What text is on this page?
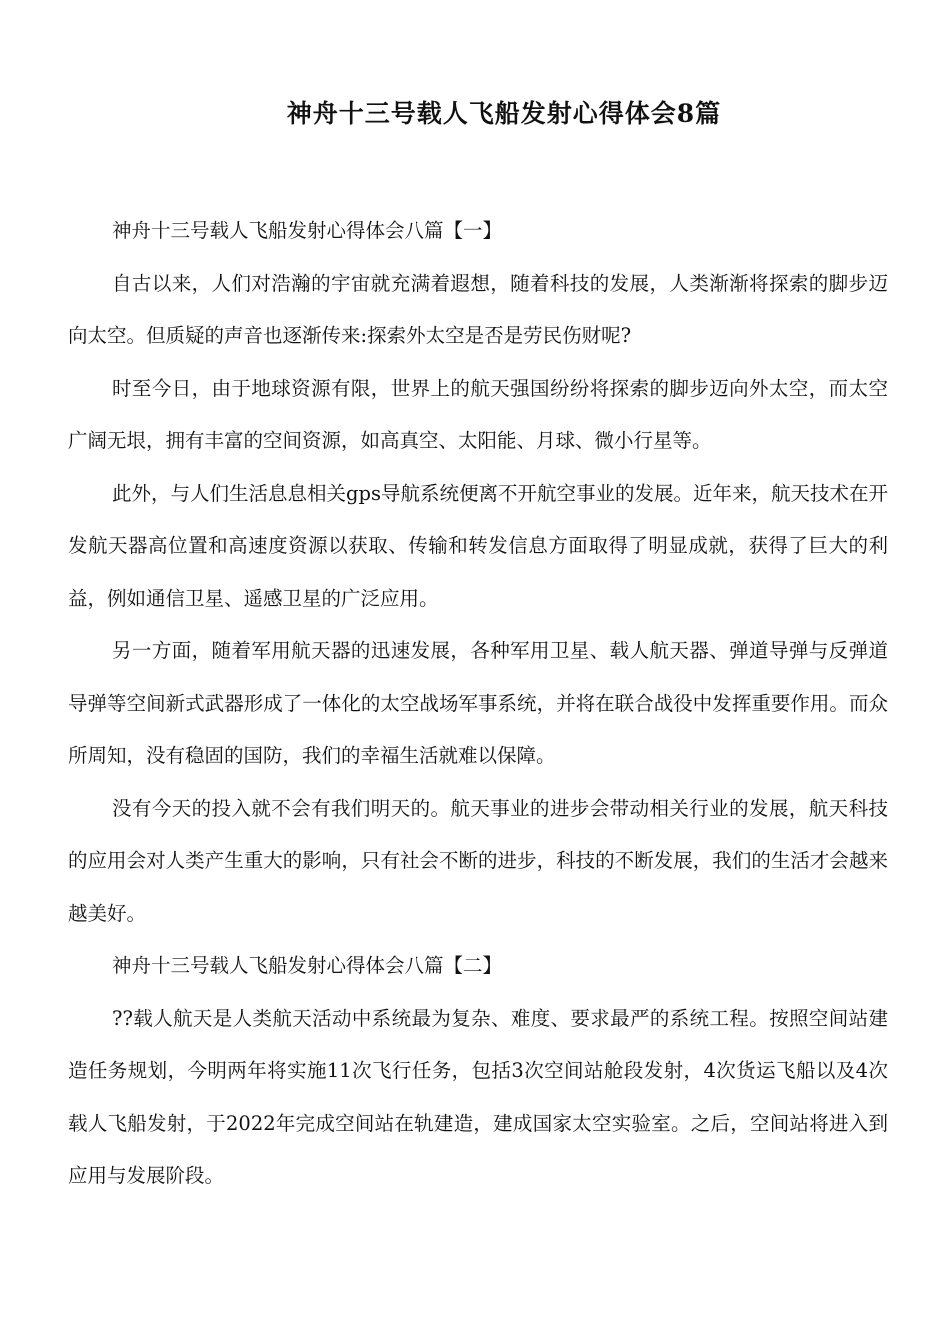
神舟十三号载人飞船发射心得体会8篇

神舟十三号载人飞船发射心得体会八篇【一】

自古以来，人们对浩瀚的宇宙就充满着遐想，随着科技的发展，人类渐渐将探索的脚步迈向太空。但质疑的声音也逐渐传来:探索外太空是否是劳民伤财呢?

时至今日，由于地球资源有限，世界上的航天强国纷纷将探索的脚步迈向外太空，而太空广阔无垠，拥有丰富的空间资源，如高真空、太阳能、月球、微小行星等。

此外，与人们生活息息相关gps导航系统便离不开航空事业的发展。近年来，航天技术在开发航天器高位置和高速度资源以获取、传输和转发信息方面取得了明显成就，获得了巨大的利益，例如通信卫星、遥感卫星的广泛应用。

另一方面，随着军用航天器的迅速发展，各种军用卫星、载人航天器、弹道导弹与反弹道导弹等空间新式武器形成了一体化的太空战场军事系统，并将在联合战役中发挥重要作用。而众所周知，没有稳固的国防，我们的幸福生活就难以保障。

没有今天的投入就不会有我们明天的。航天事业的进步会带动相关行业的发展，航天科技的应用会对人类产生重大的影响，只有社会不断的进步，科技的不断发展，我们的生活才会越来越美好。

神舟十三号载人飞船发射心得体会八篇【二】

??载人航天是人类航天活动中系统最为复杂、难度、要求最严的系统工程。按照空间站建造任务规划，今明两年将实施11次飞行任务，包括3次空间站舱段发射，4次货运飞船以及4次载人飞船发射，于2022年完成空间站在轨建造，建成国家太空实验室。之后，空间站将进入到应用与发展阶段。
